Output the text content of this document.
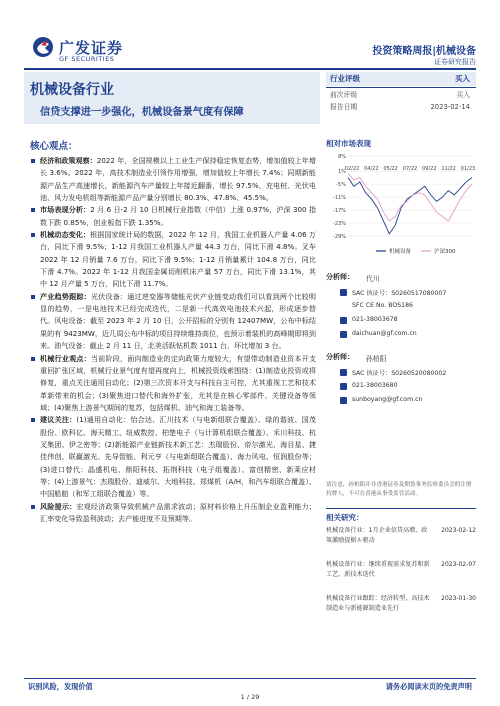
广发证券
GF SECURITIES
投资策略周报|机械设备
证券研究报告
机械设备行业
信贷支撑进一步强化，机械设备景气度有保障
行业评级	买入
前次评级	买入
报告日期	2023-02-14
核心观点：
经济和政策观察：2022 年，全国规模以上工业生产保持稳定恢复态势，增加值较上年增长 3.6%。2022 年，高技术制造业引领作用增强，增加值较上年增长 7.4%；同期新能源产品生产高速增长，新能源汽车产量较上年接近翻番，增长 97.5%，充电桩、光伏电池、风力发电机组等新能源产品产量分别增长 80.3%、47.8%、45.5%。
市场表现分析：2 月 6 日-2 月 10 日机械行业指数（中信）上涨 0.97%，沪深 300 指数下跌 0.85%，创业板指下跌 1.35%。
机械动态变化：根据国家统计局的数据，2022 年 12 月，我国工业机器人产量 4.06 万台，同比下滑 9.5%；1-12 月我国工业机器人产量 44.3 万台，同比下滑 4.8%。叉车 2022 年 12 月销量 7.6 万台，同比下滑 9.5%；1-12 月销量累计 104.8 万台，同比下滑 4.7%。2022 年 1-12 月我国金属切削机床产量 57 万台，同比下滑 13.1%，其中 12 月产量 5 万台，同比下滑 11.7%。
产业趋势跟踪：光伏设备：通过逆变器等储能光伏产业链变动我们可以看到两个比较明显的趋势，一是电池技术已经完成迭代，二是新一代高效电池技术兴起，形成逐步替代。风电设备：截至 2023 年 2 月 10 日，公开招标的分别有 12407MW，公布中标结果的有 9423MW，近几周公布中标的项目持续维持高位，也预示着装机的高峰期即将到来。油气设备：截止 2 月 11 日，北美活跃钻机数 1011 台，环比增加 3 台。
机械行业观点：当前阶段，面向制造业的定向政策力度较大，有望带动制造业资本开支重回扩张区域，机械行业景气度有望再度向上，机械投资线索围绕：(1)制造业投资或将修复，重点关注通用自动化；(2)第三次资本开支与科技自主可控，尤其重视工艺和技术革新带来的机会；(3)聚焦进口替代和海外扩张，尤其是在核心零部件、关键设备等领域；(4)聚焦上游景气期间的复苏，包括煤机、油气和海工装备等。
建议关注：(1)通用自动化：怡合达、汇川技术（与电新组联合覆盖）、绿的谐波、国茂股份、欧科亿、海天精工、纽威数控、柏楚电子（与计算机组联合覆盖）、禾川科技、杭叉集团、伊之密等；(2)新能源产业链新技术新工艺：杰瑞股份、帝尔激光、海目星、捷佳伟创、联赢激光、先导智能、利元亨（与电新组联合覆盖）、海力风电、恒润股份等；(3)进口替代：晶盛机电、鼎阳科技、拓荆科技（电子组覆盖）、富创精密、新莱应材等；(4)上游景气：杰瑞股份、迪威尔、大地科技、郑煤机（A/H，和汽车组联合覆盖）、中国船舶（和军工组联合覆盖）等。
风险提示：宏观经济政策导致机械产品需求波动；原材料价格上升压制企业盈利能力；汇率变化导致盈利波动；去产能进度不及预期等。
相对市场表现
8%
1%
-5%
-11%
-17%
-23%
-29%
02/22 04/22 05/22 07/22 09/22 11/22 01/23
机械设备	沪深300
分析师： 代川
SAC 执证号：S0260517080007
SFC CE No. BOS186
021-38003678
daichuan@gf.com.cn
分析师： 孙柏阳
SAC 执证号：S0260520080002
021-38003680
sunboyang@gf.com.cn
请注意，孙柏阳并非香港证券及期货事务监察委员会的注册持牌人，不可在香港从事受监管活动。
相关研究：
机械设备行业：1月企业信贷高增，政策激励提振ル驱动
2023-02-12
机械设备行业：继续重视需求复苏和新工艺、新技术迭代
2023-02-07
机械设备行业跟踪：经济转型，高技术制造业与新能源制造业先行
2023-01-30
识别风险，发现价值	请务必阅读末页的免责声明
1 / 29
